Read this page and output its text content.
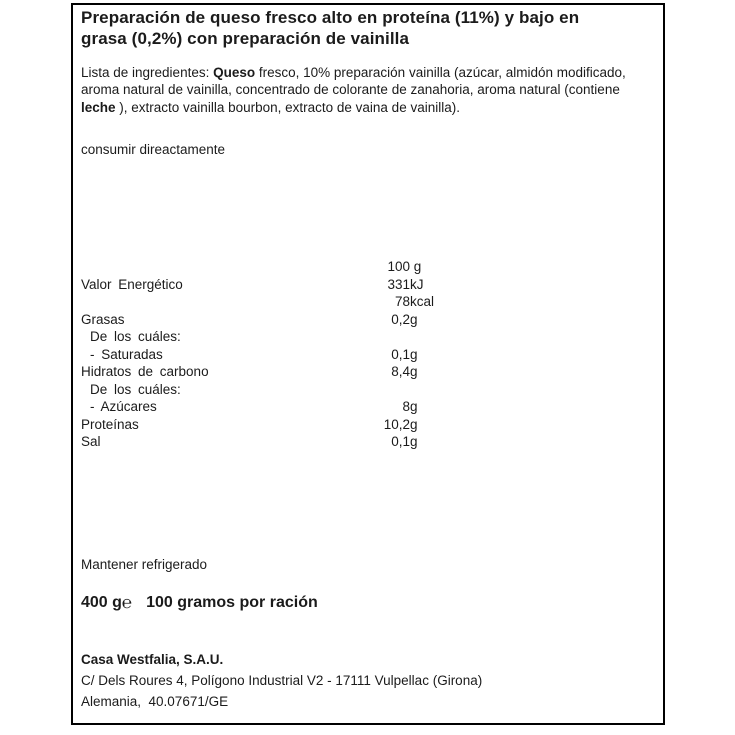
Preparación de queso fresco alto en proteína (11%) y bajo en
grasa (0,2%) con preparación de vainilla

Lista de ingredientes: Queso fresco, 10% preparación vainilla (azúcar, almidón modificado, aroma natural de vainilla, concentrado de colorante de zanahoria, aroma natural (contiene leche ), extracto vainilla bourbon, extracto de vaina de vainilla).

consumir direactamente
100 g
Valor Energético	331 kJ
78 kcal
Grasas	0,2 g
De los cuáles:
- Saturadas	0,1 g
Hidratos de carbono	8,4 g
De los cuáles:
- Azúcares	8 g
Proteínas	10,2 g
Sal	0,1 g
Mantener refrigerado
400 g℮ 100 gramos por ración
Casa Westfalia, S.A.U.
C/ Dels Roures 4, Polígono Industrial V2 - 17111 Vulpellac (Girona)
Alemania,  40.07671/GE
